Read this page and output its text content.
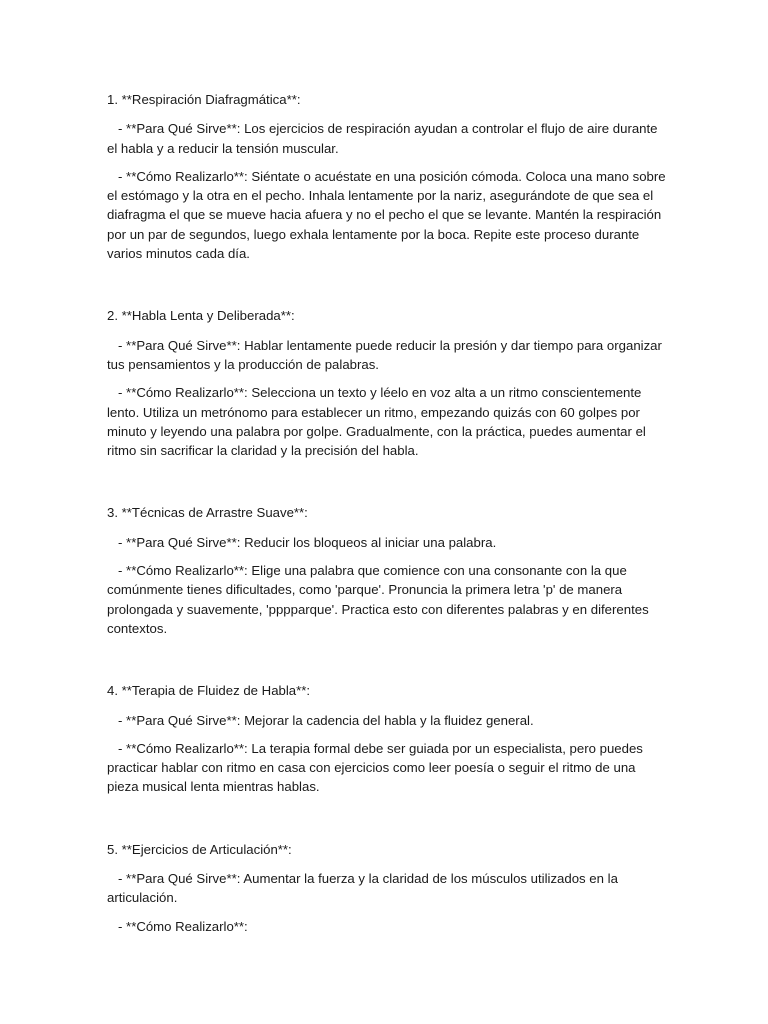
1. **Respiración Diafragmática**:

- **Para Qué Sirve**: Los ejercicios de respiración ayudan a controlar el flujo de aire durante el habla y a reducir la tensión muscular.

- **Cómo Realizarlo**: Siéntate o acuéstate en una posición cómoda. Coloca una mano sobre el estómago y la otra en el pecho. Inhala lentamente por la nariz, asegurándote de que sea el diafragma el que se mueve hacia afuera y no el pecho el que se levante. Mantén la respiración por un par de segundos, luego exhala lentamente por la boca. Repite este proceso durante varios minutos cada día.

2. **Habla Lenta y Deliberada**:

- **Para Qué Sirve**: Hablar lentamente puede reducir la presión y dar tiempo para organizar tus pensamientos y la producción de palabras.

- **Cómo Realizarlo**: Selecciona un texto y léelo en voz alta a un ritmo conscientemente lento. Utiliza un metrónomo para establecer un ritmo, empezando quizás con 60 golpes por minuto y leyendo una palabra por golpe. Gradualmente, con la práctica, puedes aumentar el ritmo sin sacrificar la claridad y la precisión del habla.

3. **Técnicas de Arrastre Suave**:

- **Para Qué Sirve**: Reducir los bloqueos al iniciar una palabra.

- **Cómo Realizarlo**: Elige una palabra que comience con una consonante con la que comúnmente tienes dificultades, como 'parque'. Pronuncia la primera letra 'p' de manera prolongada y suavemente, 'pppparque'. Practica esto con diferentes palabras y en diferentes contextos.

4. **Terapia de Fluidez de Habla**:

- **Para Qué Sirve**: Mejorar la cadencia del habla y la fluidez general.

- **Cómo Realizarlo**: La terapia formal debe ser guiada por un especialista, pero puedes practicar hablar con ritmo en casa con ejercicios como leer poesía o seguir el ritmo de una pieza musical lenta mientras hablas.

5. **Ejercicios de Articulación**:

- **Para Qué Sirve**: Aumentar la fuerza y la claridad de los músculos utilizados en la articulación.

- **Cómo Realizarlo**:
